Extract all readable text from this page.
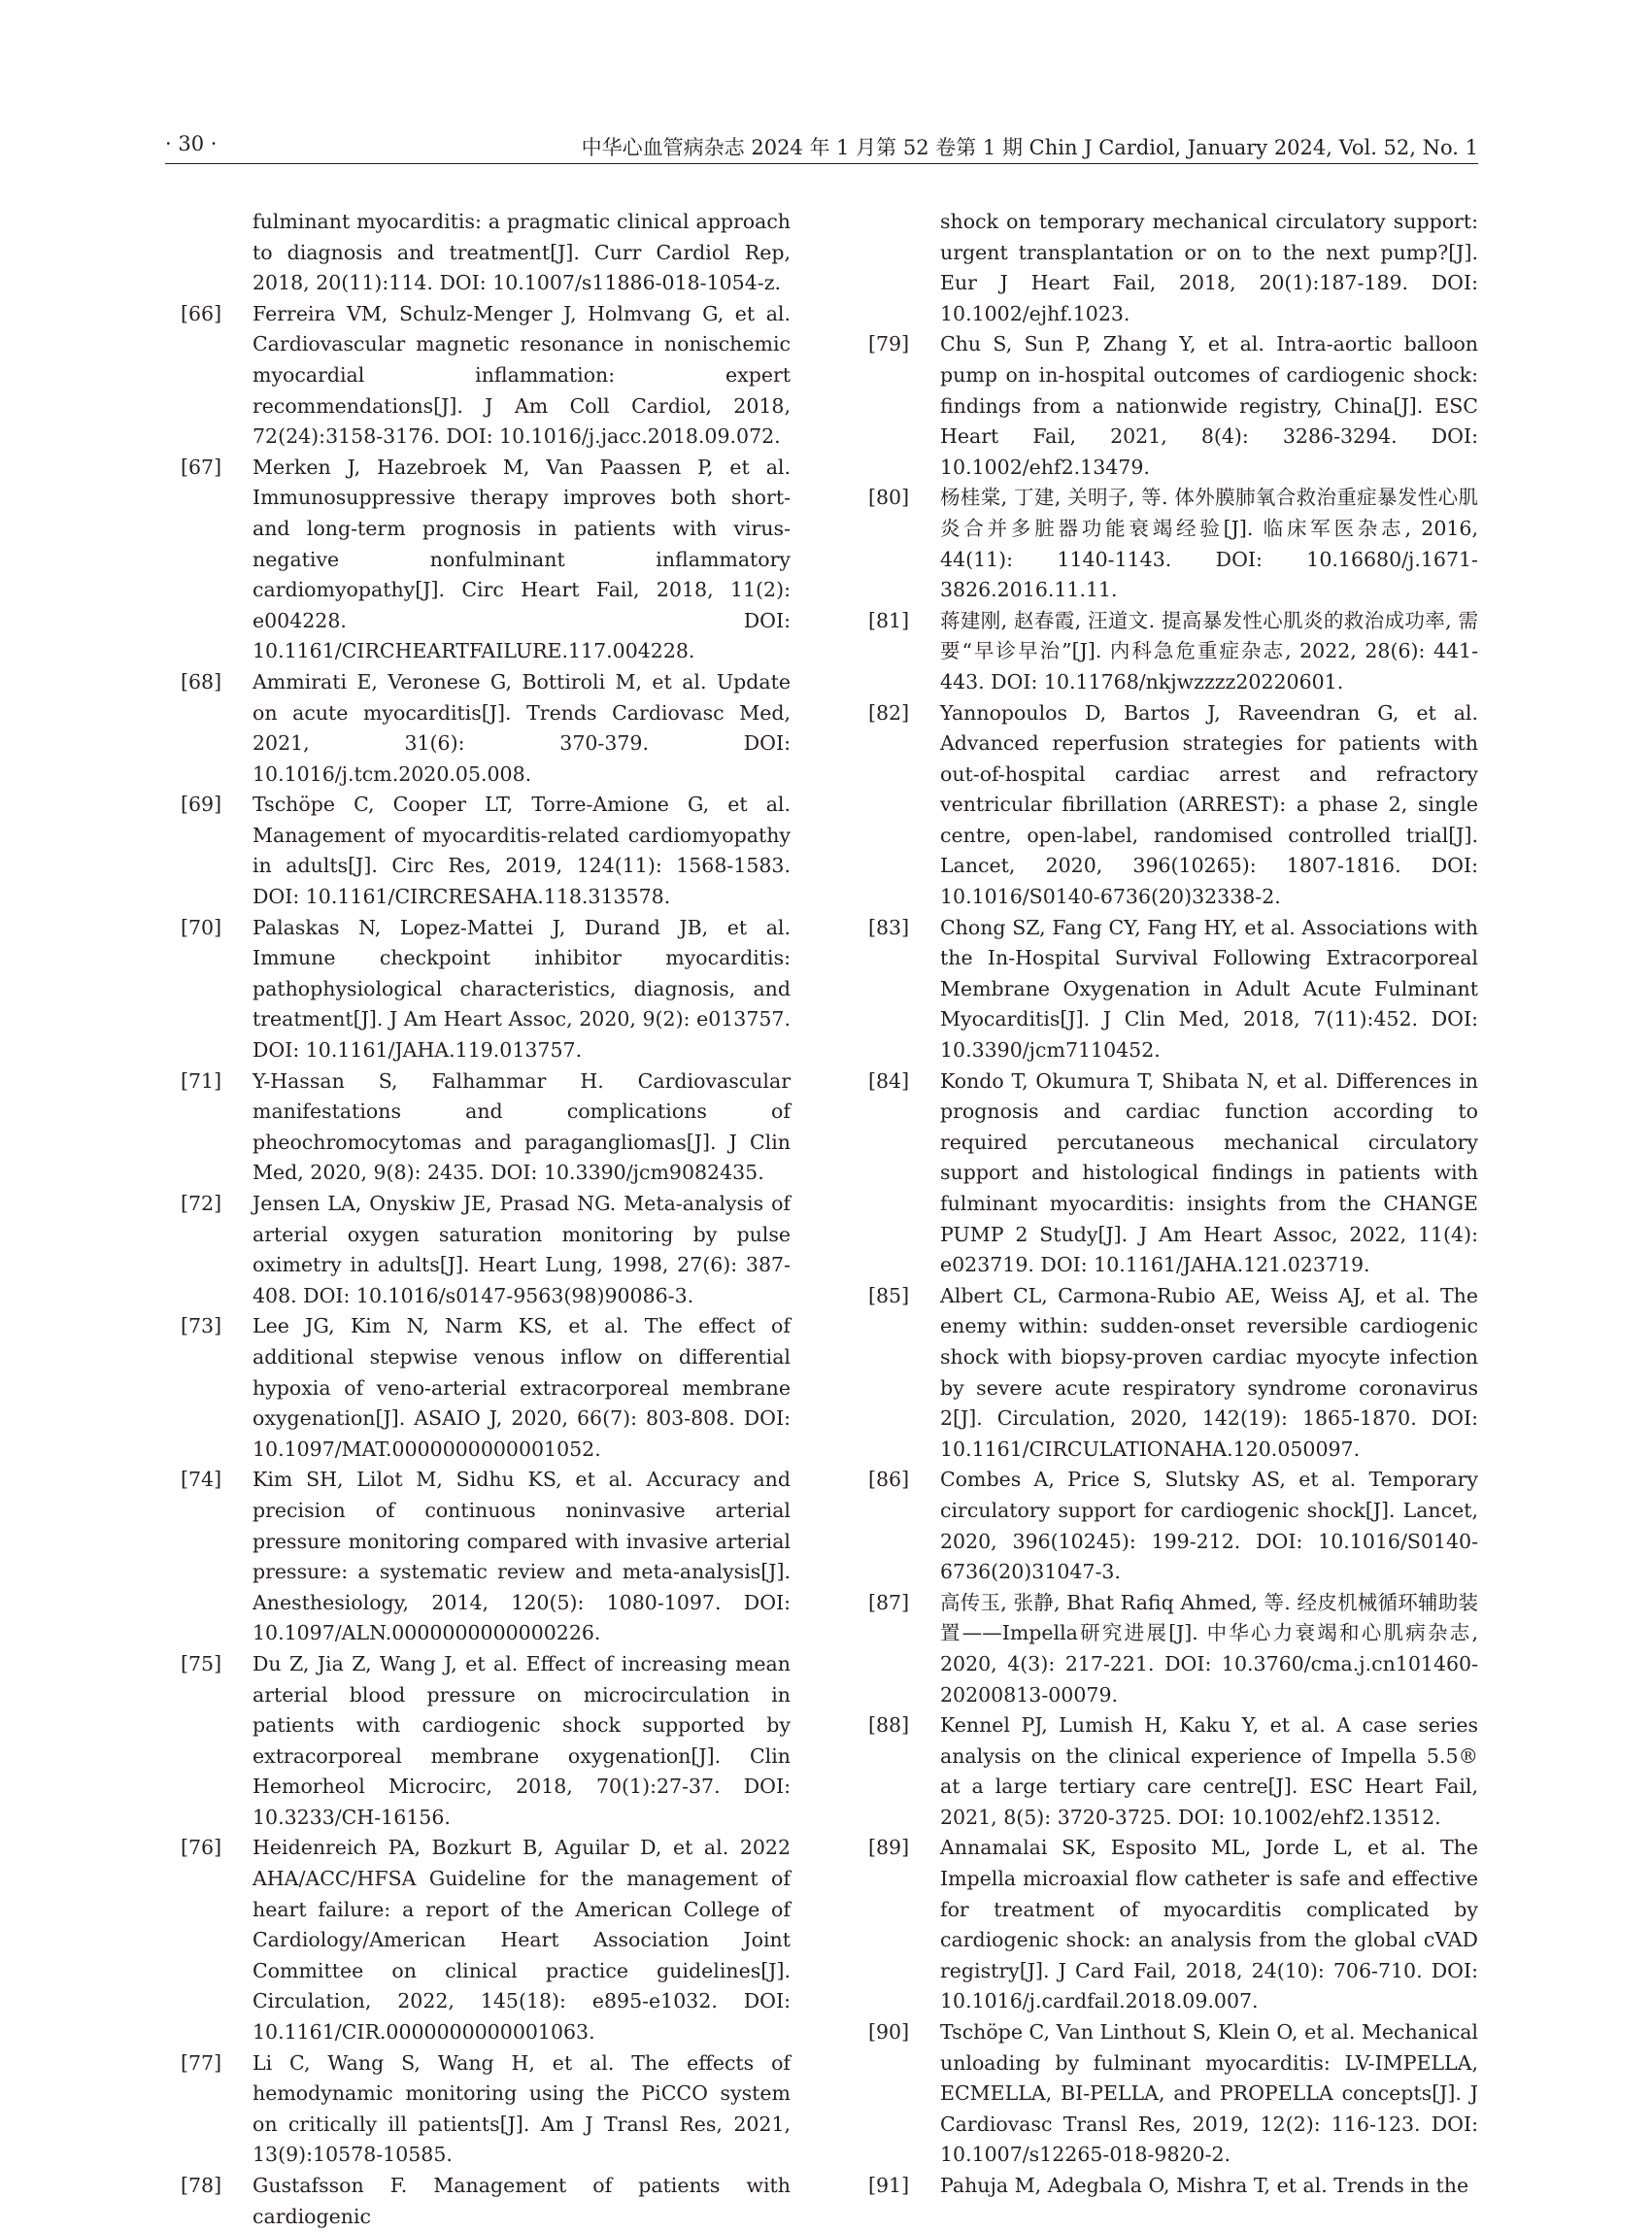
· 30 ·	中华心血管病杂志 2024 年 1 月第 52 卷第 1 期 Chin J Cardiol, January 2024, Vol. 52, No. 1
fulminant myocarditis: a pragmatic clinical approach to diagnosis and treatment[J]. Curr Cardiol Rep, 2018, 20(11):114. DOI: 10.1007/s11886-018-1054-z.
[66] Ferreira VM, Schulz-Menger J, Holmvang G, et al. Cardiovascular magnetic resonance in nonischemic myocardial inflammation: expert recommendations[J]. J Am Coll Cardiol, 2018, 72(24):3158-3176. DOI: 10.1016/j.jacc.2018.09.072.
[67] Merken J, Hazebroek M, Van Paassen P, et al. Immunosuppressive therapy improves both short-and long-term prognosis in patients with virus-negative nonfulminant inflammatory cardiomyopathy[J]. Circ Heart Fail, 2018, 11(2): e004228. DOI: 10.1161/CIRCHEARTFAILURE.117.004228.
[68] Ammirati E, Veronese G, Bottiroli M, et al. Update on acute myocarditis[J]. Trends Cardiovasc Med, 2021, 31(6): 370-379. DOI: 10.1016/j.tcm.2020.05.008.
[69] Tschöpe C, Cooper LT, Torre-Amione G, et al. Management of myocarditis-related cardiomyopathy in adults[J]. Circ Res, 2019, 124(11): 1568-1583. DOI: 10.1161/CIRCRESAHA.118.313578.
[70] Palaskas N, Lopez-Mattei J, Durand JB, et al. Immune checkpoint inhibitor myocarditis: pathophysiological characteristics, diagnosis, and treatment[J]. J Am Heart Assoc, 2020, 9(2): e013757. DOI: 10.1161/JAHA.119.013757.
[71] Y-Hassan S, Falhammar H. Cardiovascular manifestations and complications of pheochromocytomas and paragangliomas[J]. J Clin Med, 2020, 9(8): 2435. DOI: 10.3390/jcm9082435.
[72] Jensen LA, Onyskiw JE, Prasad NG. Meta-analysis of arterial oxygen saturation monitoring by pulse oximetry in adults[J]. Heart Lung, 1998, 27(6): 387-408. DOI: 10.1016/s0147-9563(98)90086-3.
[73] Lee JG, Kim N, Narm KS, et al. The effect of additional stepwise venous inflow on differential hypoxia of veno-arterial extracorporeal membrane oxygenation[J]. ASAIO J, 2020, 66(7): 803-808. DOI: 10.1097/MAT.0000000000001052.
[74] Kim SH, Lilot M, Sidhu KS, et al. Accuracy and precision of continuous noninvasive arterial pressure monitoring compared with invasive arterial pressure: a systematic review and meta-analysis[J]. Anesthesiology, 2014, 120(5): 1080-1097. DOI: 10.1097/ALN.0000000000000226.
[75] Du Z, Jia Z, Wang J, et al. Effect of increasing mean arterial blood pressure on microcirculation in patients with cardiogenic shock supported by extracorporeal membrane oxygenation[J]. Clin Hemorheol Microcirc, 2018, 70(1):27-37. DOI: 10.3233/CH-16156.
[76] Heidenreich PA, Bozkurt B, Aguilar D, et al. 2022 AHA/ACC/HFSA Guideline for the management of heart failure: a report of the American College of Cardiology/American Heart Association Joint Committee on clinical practice guidelines[J]. Circulation, 2022, 145(18): e895-e1032. DOI: 10.1161/CIR.0000000000001063.
[77] Li C, Wang S, Wang H, et al. The effects of hemodynamic monitoring using the PiCCO system on critically ill patients[J]. Am J Transl Res, 2021, 13(9):10578-10585.
[78] Gustafsson F. Management of patients with cardiogenic
shock on temporary mechanical circulatory support: urgent transplantation or on to the next pump?[J]. Eur J Heart Fail, 2018, 20(1):187-189. DOI: 10.1002/ejhf.1023.
[79] Chu S, Sun P, Zhang Y, et al. Intra-aortic balloon pump on in-hospital outcomes of cardiogenic shock: findings from a nationwide registry, China[J]. ESC Heart Fail, 2021, 8(4): 3286-3294. DOI: 10.1002/ehf2.13479.
[80] 杨桂棠, 丁建, 关明子, 等. 体外膜肺氧合救治重症暴发性心肌炎合并多脏器功能衰竭经验[J]. 临床军医杂志, 2016, 44(11): 1140-1143. DOI: 10.16680/j.1671-3826.2016.11.11.
[81] 蒋建刚, 赵春霞, 汪道文. 提高暴发性心肌炎的救治成功率, 需要“早诊早治”[J]. 内科急危重症杂志, 2022, 28(6): 441-443. DOI: 10.11768/nkjwzzzz20220601.
[82] Yannopoulos D, Bartos J, Raveendran G, et al. Advanced reperfusion strategies for patients with out-of-hospital cardiac arrest and refractory ventricular fibrillation (ARREST): a phase 2, single centre, open-label, randomised controlled trial[J]. Lancet, 2020, 396(10265): 1807-1816. DOI: 10.1016/S0140-6736(20)32338-2.
[83] Chong SZ, Fang CY, Fang HY, et al. Associations with the In-Hospital Survival Following Extracorporeal Membrane Oxygenation in Adult Acute Fulminant Myocarditis[J]. J Clin Med, 2018, 7(11):452. DOI: 10.3390/jcm7110452.
[84] Kondo T, Okumura T, Shibata N, et al. Differences in prognosis and cardiac function according to required percutaneous mechanical circulatory support and histological findings in patients with fulminant myocarditis: insights from the CHANGE PUMP 2 Study[J]. J Am Heart Assoc, 2022, 11(4): e023719. DOI: 10.1161/JAHA.121.023719.
[85] Albert CL, Carmona-Rubio AE, Weiss AJ, et al. The enemy within: sudden-onset reversible cardiogenic shock with biopsy-proven cardiac myocyte infection by severe acute respiratory syndrome coronavirus 2[J]. Circulation, 2020, 142(19): 1865-1870. DOI: 10.1161/CIRCULATIONAHA.120.050097.
[86] Combes A, Price S, Slutsky AS, et al. Temporary circulatory support for cardiogenic shock[J]. Lancet, 2020, 396(10245): 199-212. DOI: 10.1016/S0140-6736(20)31047-3.
[87] 高传玉, 张静, Bhat Rafiq Ahmed, 等. 经皮机械循环辅助装置——Impella研究进展[J]. 中华心力衰竭和心肌病杂志, 2020, 4(3): 217-221. DOI: 10.3760/cma.j.cn101460-20200813-00079.
[88] Kennel PJ, Lumish H, Kaku Y, et al. A case series analysis on the clinical experience of Impella 5.5® at a large tertiary care centre[J]. ESC Heart Fail, 2021, 8(5): 3720-3725. DOI: 10.1002/ehf2.13512.
[89] Annamalai SK, Esposito ML, Jorde L, et al. The Impella microaxial flow catheter is safe and effective for treatment of myocarditis complicated by cardiogenic shock: an analysis from the global cVAD registry[J]. J Card Fail, 2018, 24(10): 706-710. DOI: 10.1016/j.cardfail.2018.09.007.
[90] Tschöpe C, Van Linthout S, Klein O, et al. Mechanical unloading by fulminant myocarditis: LV-IMPELLA, ECMELLA, BI-PELLA, and PROPELLA concepts[J]. J Cardiovasc Transl Res, 2019, 12(2): 116-123. DOI: 10.1007/s12265-018-9820-2.
[91] Pahuja M, Adegbala O, Mishra T, et al. Trends in the
